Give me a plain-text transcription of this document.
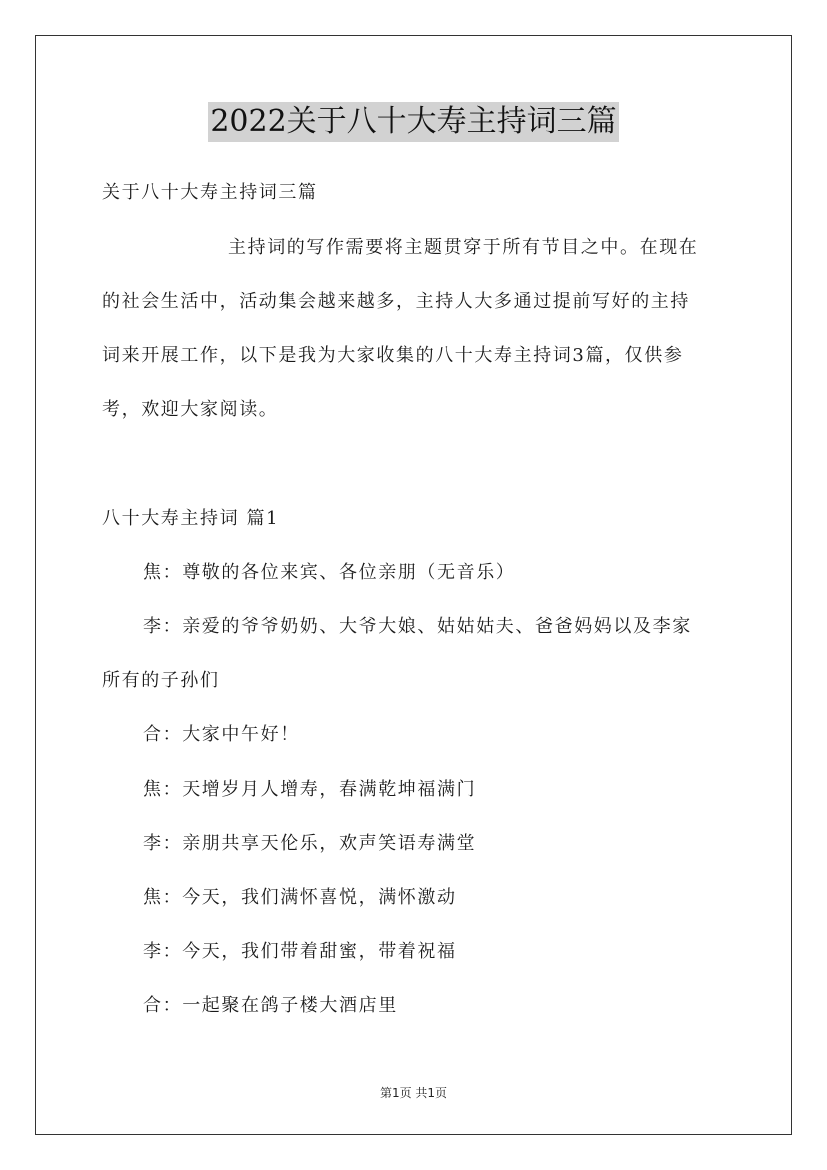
2022关于八十大寿主持词三篇
关于八十大寿主持词三篇
主持词的写作需要将主题贯穿于所有节目之中。在现在
的社会生活中，活动集会越来越多，主持人大多通过提前写好的主持
词来开展工作，以下是我为大家收集的八十大寿主持词3篇，仅供参
考，欢迎大家阅读。
八十大寿主持词 篇1
焦：尊敬的各位来宾、各位亲朋（无音乐）
李：亲爱的爷爷奶奶、大爷大娘、姑姑姑夫、爸爸妈妈以及李家
所有的子孙们
合：大家中午好！
焦：天增岁月人增寿，春满乾坤福满门
李：亲朋共享天伦乐，欢声笑语寿满堂
焦：今天，我们满怀喜悦，满怀激动
李：今天，我们带着甜蜜，带着祝福
合：一起聚在鸽子楼大酒店里
第1页 共1页
